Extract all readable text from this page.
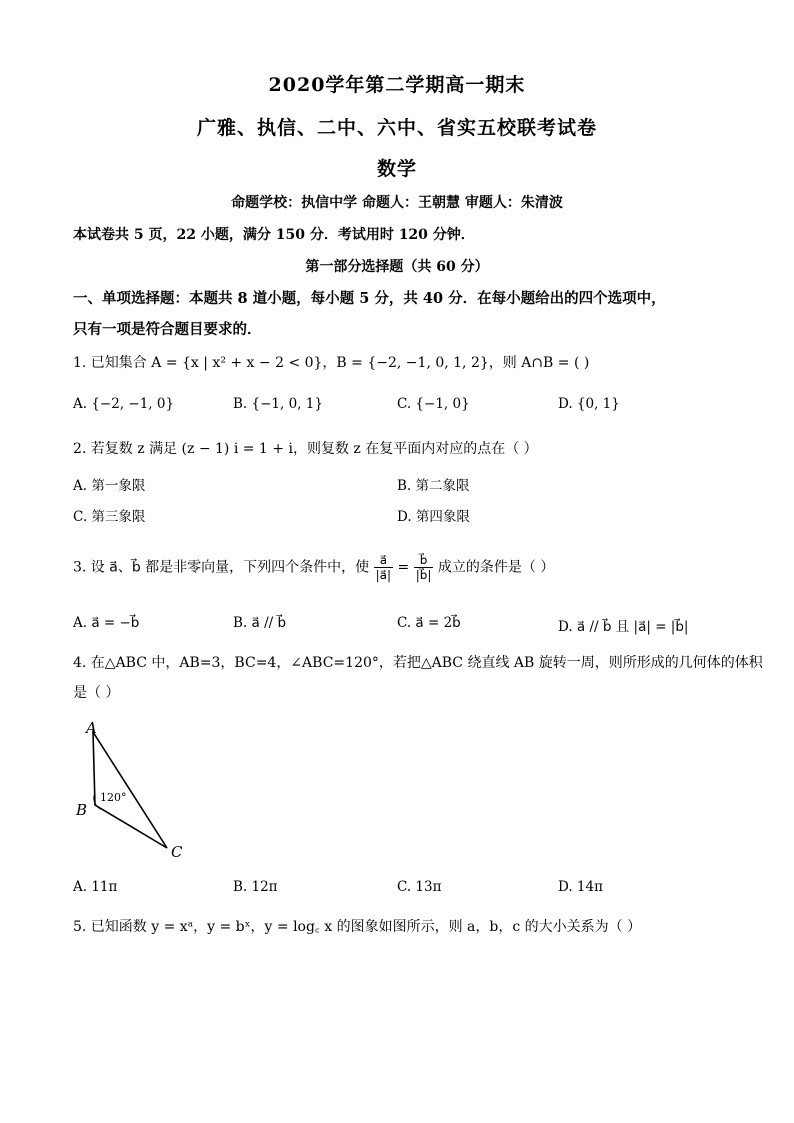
2020学年第二学期高一期末
广雅、执信、二中、六中、省实五校联考试卷
数学
命题学校：执信中学 命题人：王朝慧 审题人：朱清波
本试卷共 5 页，22 小题，满分 150 分．考试用时 120 分钟．
第一部分选择题（共 60 分）
一、单项选择题：本题共 8 道小题，每小题 5 分，共 40 分．在每小题给出的四个选项中，
只有一项是符合题目要求的．
1. 已知集合 A = {x | x² + x − 2 < 0}，B = {−2, −1, 0, 1, 2}，则 A∩B = ( )
A. {−2, −1, 0}	B. {−1, 0, 1}	C. {−1, 0}	D. {0, 1}
2. 若复数 z 满足 (z − 1) i = 1 + i，则复数 z 在复平面内对应的点在（ ）
A. 第一象限	B. 第二象限
C. 第三象限	D. 第四象限
3. 设 a⃗、b⃗ 都是非零向量，下列四个条件中，使 $\frac{a⃗}{|a⃗|} = \frac{b⃗}{|b⃗|}$ 成立的条件是（ ）
A. a⃗ = −b⃗	B. a⃗ // b⃗	C. a⃗ = 2b⃗	D. a⃗ // b⃗ 且 |a⃗| = |b⃗|
4. 在△ABC 中，AB=3，BC=4，∠ABC=120°，若把△ABC 绕直线 AB 旋转一周，则所形成的几何体的体积
是（ ）
A
B
C
120°
A. 11π	B. 12π	C. 13π	D. 14π
5. 已知函数 y = xᵃ，y = bˣ，y = log꜀ x 的图象如图所示，则 a，b，c 的大小关系为（ ）
